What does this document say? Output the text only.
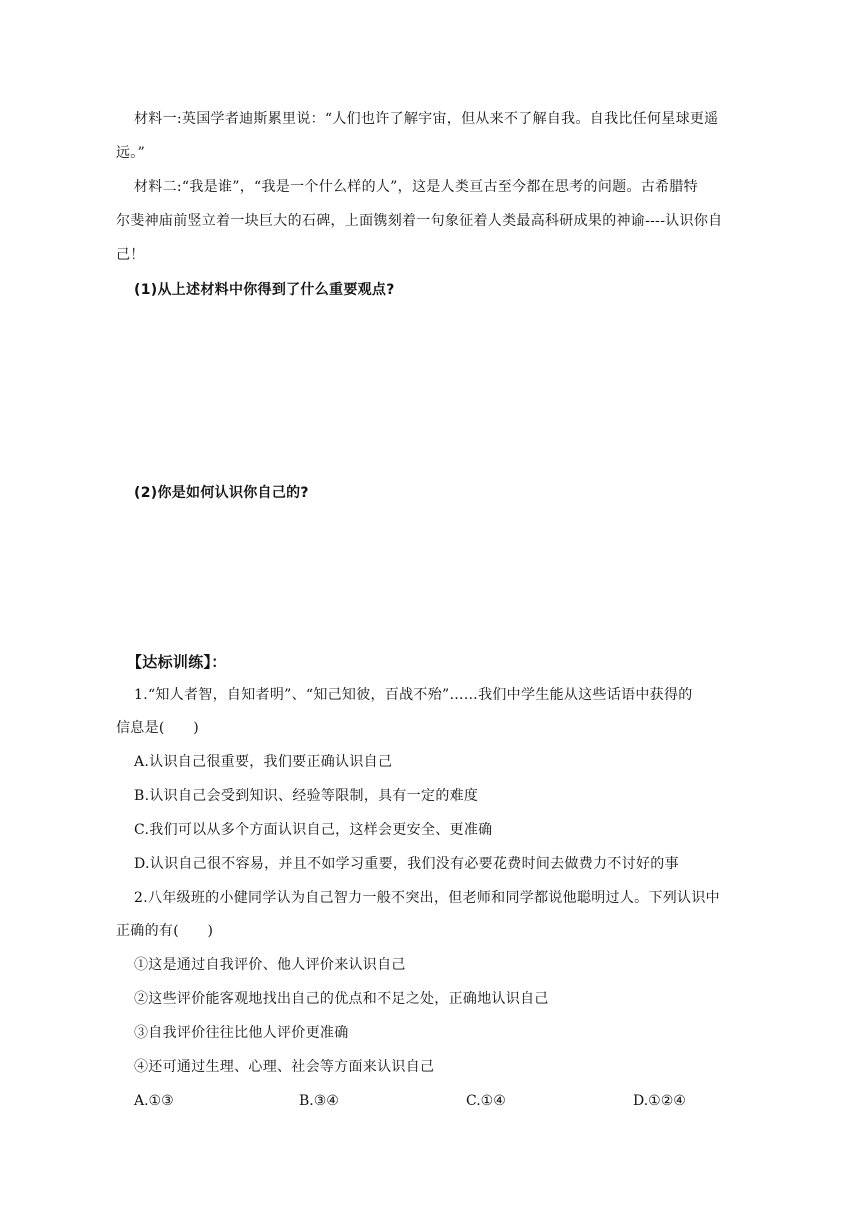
材料一:英国学者迪斯累里说：“人们也许了解宇宙，但从来不了解自我。自我比任何星球更遥
远。”
材料二:“我是谁”，“我是一个什么样的人”，这是人类亘古至今都在思考的问题。古希腊特
尔斐神庙前竖立着一块巨大的石碑，上面镌刻着一句象征着人类最高科研成果的神谕----认识你自
己！
(1)从上述材料中你得到了什么重要观点?
(2)你是如何认识你自己的?
【达标训练】：
1.“知人者智，自知者明”、“知己知彼，百战不殆”……我们中学生能从这些话语中获得的
信息是(　　)
A.认识自己很重要，我们要正确认识自己
B.认识自己会受到知识、经验等限制，具有一定的难度
C.我们可以从多个方面认识自己，这样会更安全、更准确
D.认识自己很不容易，并且不如学习重要，我们没有必要花费时间去做费力不讨好的事
2.八年级班的小健同学认为自己智力一般不突出，但老师和同学都说他聪明过人。下列认识中
正确的有(　　)
①这是通过自我评价、他人评价来认识自己
②这些评价能客观地找出自己的优点和不足之处，正确地认识自己
③自我评价往往比他人评价更准确
④还可通过生理、心理、社会等方面来认识自己
A.①③	B.③④	C.①④	D.①②④
